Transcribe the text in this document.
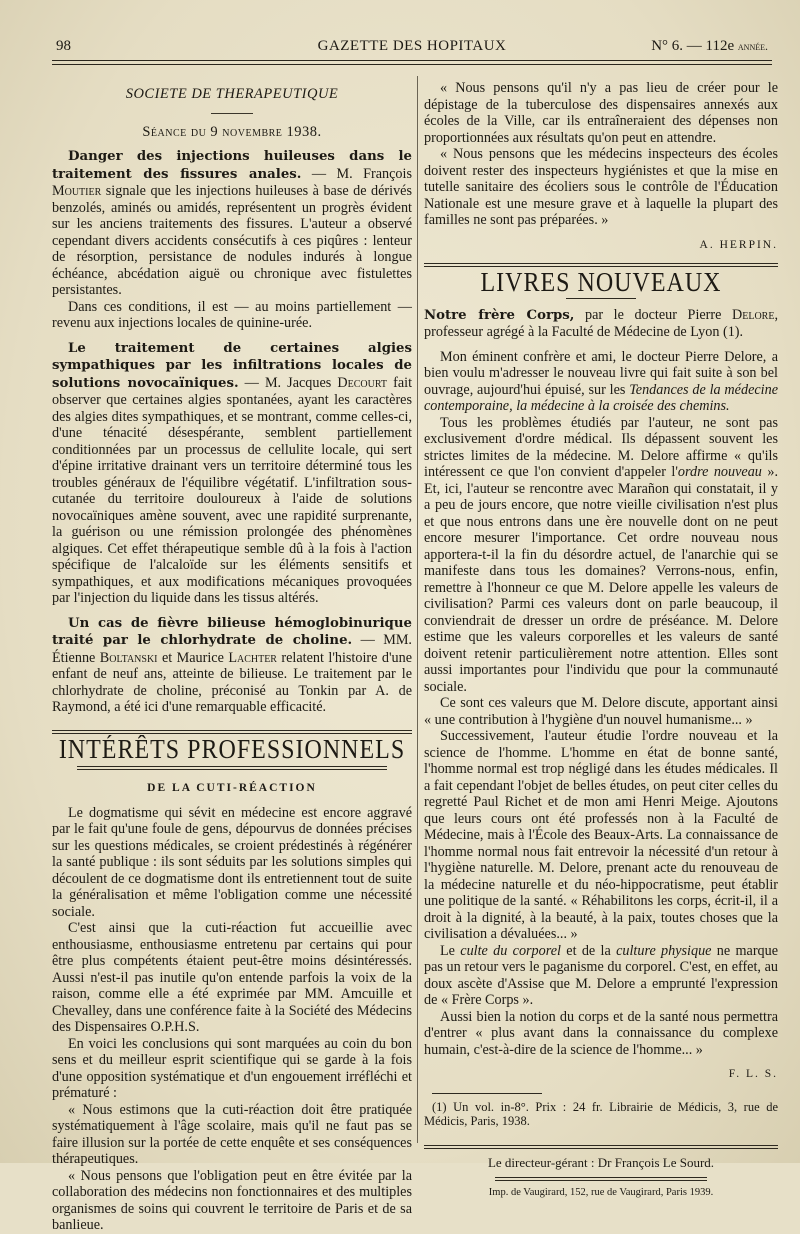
98	GAZETTE DES HOPITAUX	N° 6. — 112e année.
SOCIETE DE THERAPEUTIQUE
Séance du 9 novembre 1938.

Danger des injections huileuses dans le traitement des fissures anales. — M. François Moutier signale que les injections huileuses à base de dérivés benzolés, aminés ou amidés, représentent un progrès évident sur les anciens traitements des fissures. L'auteur a observé cependant divers accidents consécutifs à ces piqûres : lenteur de résorption, persistance de nodules indurés à longue échéance, abcédation aiguë ou chronique avec fistulettes persistantes.

Dans ces conditions, il est — au moins partiellement — revenu aux injections locales de quinine-urée.

Le traitement de certaines algies sympathiques par les infiltrations locales de solutions novocaïniques. — M. Jacques Decourt fait observer que certaines algies spontanées, ayant les caractères des algies dites sympathiques, et se montrant, comme celles-ci, d'une ténacité désespérante, semblent partiellement conditionnées par un processus de cellulite locale, qui sert d'épine irritative drainant vers un territoire déterminé tous les troubles généraux de l'équilibre végétatif. L'infiltration sous-cutanée du territoire douloureux à l'aide de solutions novocaïniques amène souvent, avec une rapidité surprenante, la guérison ou une rémission prolongée des phénomènes algiques. Cet effet thérapeutique semble dû à la fois à l'action spécifique de l'alcaloïde sur les éléments sensitifs et sympathiques, et aux modifications mécaniques provoquées par l'injection du liquide dans les tissus altérés.

Un cas de fièvre bilieuse hémoglobinurique traité par le chlorhydrate de choline. — MM. Étienne Boltanski et Maurice Lachter relatent l'histoire d'une enfant de neuf ans, atteinte de bilieuse. Le traitement par le chlorhydrate de choline, préconisé au Tonkin par A. de Raymond, a été ici d'une remarquable efficacité.

INTÉRÊTS PROFESSIONNELS
DE LA CUTI-RÉACTION

Le dogmatisme qui sévit en médecine est encore aggravé par le fait qu'une foule de gens, dépourvus de données précises sur les questions médicales, se croient prédestinés à régénérer la santé publique : ils sont séduits par les solutions simples qui découlent de ce dogmatisme dont ils entretiennent tout de suite la généralisation et même l'obligation comme une nécessité sociale.

C'est ainsi que la cuti-réaction fut accueillie avec enthousiasme, enthousiasme entretenu par certains qui pour être plus compétents étaient peut-être moins désintéressés. Aussi n'est-il pas inutile qu'on entende parfois la voix de la raison, comme elle a été exprimée par MM. Amcuille et Chevalley, dans une conférence faite à la Société des Médecins des Dispensaires O.P.H.S.

En voici les conclusions qui sont marquées au coin du bon sens et du meilleur esprit scientifique qui se garde à la fois d'une opposition systématique et d'un engouement irréfléchi et prématuré :

« Nous estimons que la cuti-réaction doit être pratiquée systématiquement à l'âge scolaire, mais qu'il ne faut pas se faire illusion sur la portée de cette enquête et ses conséquences thérapeutiques.

« Nous pensons que l'obligation peut en être évitée par la collaboration des médecins non fonctionnaires et des multiples organismes de soins qui couvrent le territoire de Paris et de sa banlieue.

« Nous pensons qu'il n'y a pas lieu de créer pour le dépistage de la tuberculose des dispensaires annexés aux écoles de la Ville, car ils entraîneraient des dépenses non proportionnées aux résultats qu'on peut en attendre.

« Nous pensons que les médecins inspecteurs des écoles doivent rester des inspecteurs hygiénistes et que la mise en tutelle sanitaire des écoliers sous le contrôle de l'Éducation Nationale est une mesure grave et à laquelle la plupart des familles ne sont pas préparées. »

A. HERPIN.
LIVRES NOUVEAUX

Notre frère Corps, par le docteur Pierre Delore, professeur agrégé à la Faculté de Médecine de Lyon (1).

Mon éminent confrère et ami, le docteur Pierre Delore, a bien voulu m'adresser le nouveau livre qui fait suite à son bel ouvrage, aujourd'hui épuisé, sur les Tendances de la médecine contemporaine, la médecine à la croisée des chemins.

Tous les problèmes étudiés par l'auteur, ne sont pas exclusivement d'ordre médical. Ils dépassent souvent les strictes limites de la médecine. M. Delore affirme « qu'ils intéressent ce que l'on convient d'appeler l'ordre nouveau ». Et, ici, l'auteur se rencontre avec Marañon qui constatait, il y a peu de jours encore, que notre vieille civilisation n'est plus et que nous entrons dans une ère nouvelle dont on ne peut encore mesurer l'importance. Cet ordre nouveau nous apportera-t-il la fin du désordre actuel, de l'anarchie qui se manifeste dans tous les domaines? Verrons-nous, enfin, remettre à l'honneur ce que M. Delore appelle les valeurs de civilisation? Parmi ces valeurs dont on parle beaucoup, il conviendrait de dresser un ordre de préséance. M. Delore estime que les valeurs corporelles et les valeurs de santé doivent retenir particulièrement notre attention. Elles sont aussi importantes pour l'individu que pour la communauté sociale.

Ce sont ces valeurs que M. Delore discute, apportant ainsi « une contribution à l'hygiène d'un nouvel humanisme... »

Successivement, l'auteur étudie l'ordre nouveau et la science de l'homme. L'homme en état de bonne santé, l'homme normal est trop négligé dans les études médicales. Il a fait cependant l'objet de belles études, on peut citer celles du regretté Paul Richet et de mon ami Henri Meige. Ajoutons que leurs cours ont été professés non à la Faculté de Médecine, mais à l'École des Beaux-Arts. La connaissance de l'homme normal nous fait entrevoir la nécessité d'un retour à l'hygiène naturelle. M. Delore, prenant acte du renouveau de la médecine naturelle et du néo-hippocratisme, peut établir une politique de la santé. « Réhabilitons les corps, écrit-il, il a droit à la dignité, à la beauté, à la paix, toutes choses que la civilisation a dévaluées... »

Le culte du corporel et de la culture physique ne marque pas un retour vers le paganisme du corporel. C'est, en effet, au doux ascète d'Assise que M. Delore a emprunté l'expression de « Frère Corps ».

Aussi bien la notion du corps et de la santé nous permettra d'entrer « plus avant dans la connaissance du complexe humain, c'est-à-dire de la science de l'homme... »

F. L. S.

(1) Un vol. in-8°. Prix : 24 fr. Librairie de Médicis, 3, rue de Médicis, Paris, 1938.

Le directeur-gérant : Dr François Le Sourd.
Imp. de Vaugirard, 152, rue de Vaugirard, Paris 1939.
